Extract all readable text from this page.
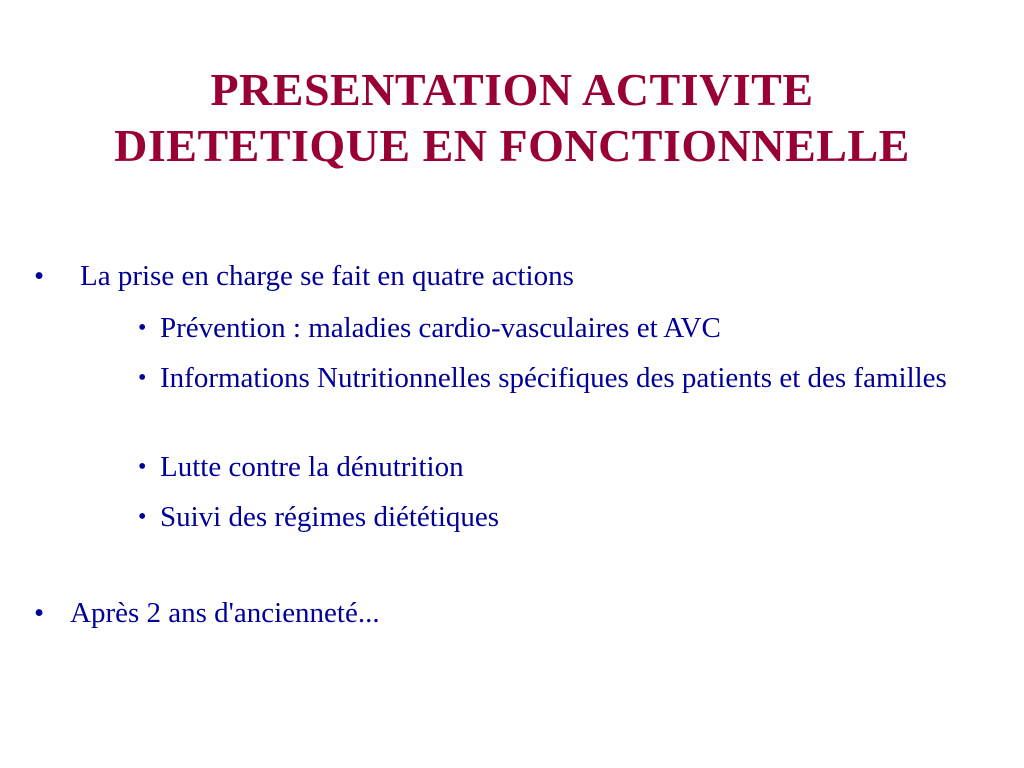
PRESENTATION ACTIVITE
DIETETIQUE EN FONCTIONNELLE
•	La prise en charge se fait en quatre actions
• Prévention : maladies cardio-vasculaires et AVC
• Informations Nutritionnelles spécifiques des patients et des familles
• Lutte contre la dénutrition
• Suivi des régimes diététiques
• Après 2 ans d'ancienneté...
